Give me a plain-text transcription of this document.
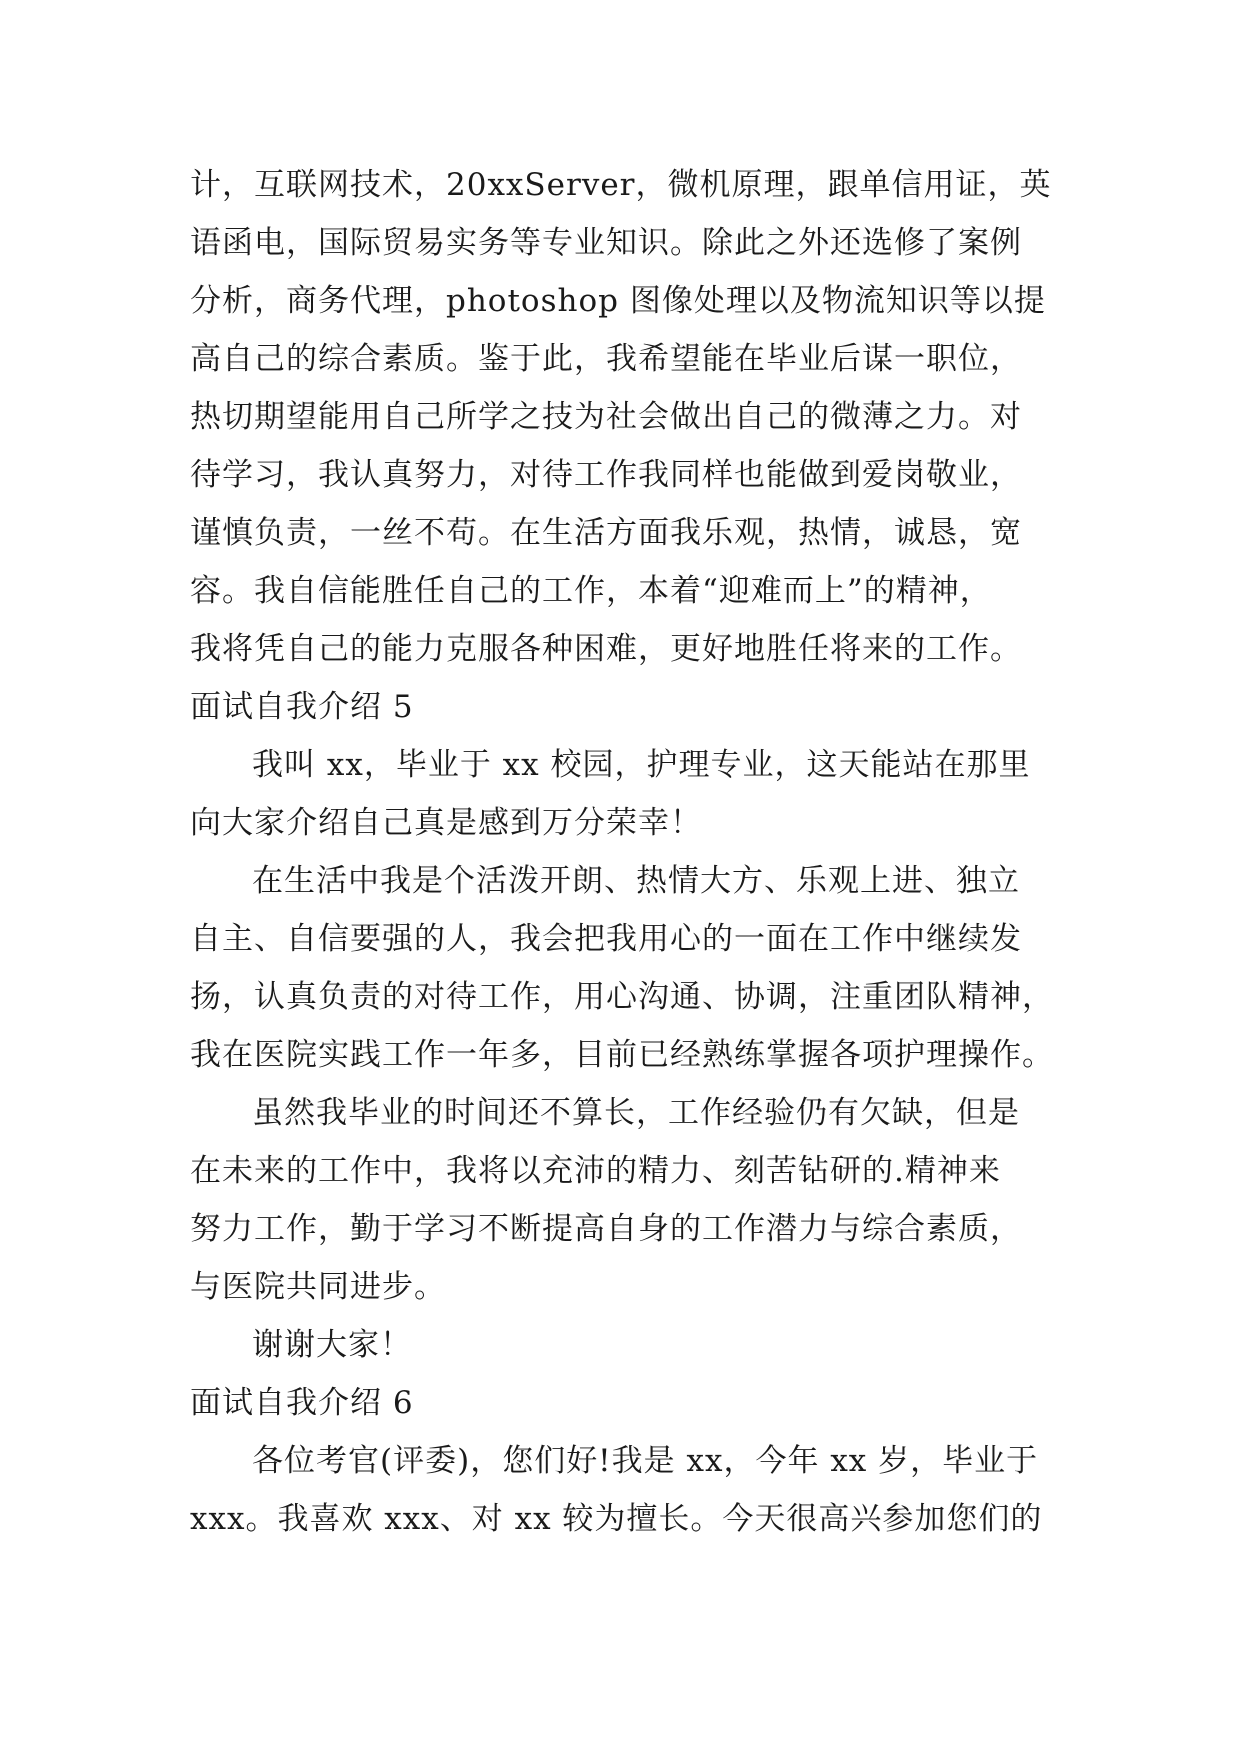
计，互联网技术，20xxServer，微机原理，跟单信用证，英
语函电，国际贸易实务等专业知识。除此之外还选修了案例
分析，商务代理，photoshop 图像处理以及物流知识等以提
高自己的综合素质。鉴于此，我希望能在毕业后谋一职位，
热切期望能用自己所学之技为社会做出自己的微薄之力。对
待学习，我认真努力，对待工作我同样也能做到爱岗敬业，
谨慎负责，一丝不苟。在生活方面我乐观，热情，诚恳，宽
容。我自信能胜任自己的工作，本着“迎难而上”的精神，
我将凭自己的能力克服各种困难，更好地胜任将来的工作。
面试自我介绍 5
我叫 xx，毕业于 xx 校园，护理专业，这天能站在那里
向大家介绍自己真是感到万分荣幸！
在生活中我是个活泼开朗、热情大方、乐观上进、独立
自主、自信要强的人，我会把我用心的一面在工作中继续发
扬，认真负责的对待工作，用心沟通、协调，注重团队精神，
我在医院实践工作一年多，目前已经熟练掌握各项护理操作。
虽然我毕业的时间还不算长，工作经验仍有欠缺，但是
在未来的工作中，我将以充沛的精力、刻苦钻研的.精神来
努力工作，勤于学习不断提高自身的工作潜力与综合素质，
与医院共同进步。
谢谢大家！
面试自我介绍 6
各位考官(评委)，您们好!我是 xx，今年 xx 岁，毕业于
xxx。我喜欢 xxx、对 xx 较为擅长。今天很高兴参加您们的
